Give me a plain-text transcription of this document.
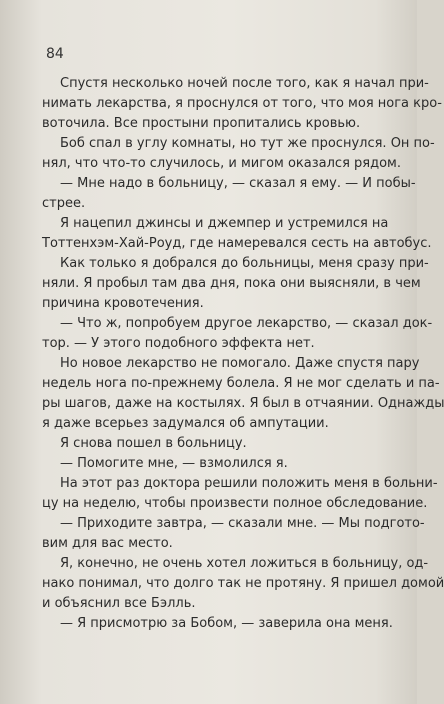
84
Спустя несколько ночей после того, как я начал при-
нимать лекарства, я проснулся от того, что моя нога кро-
воточила. Все простыни пропитались кровью.
Боб спал в углу комнаты, но тут же проснулся. Он по-
нял, что что-то случилось, и мигом оказался рядом.
— Мне надо в больницу, — сказал я ему. — И побы-
стрее.
Я нацепил джинсы и джемпер и устремился на
Тоттенхэм-Хай-Роуд, где намеревался сесть на автобус.
Как только я добрался до больницы, меня сразу при-
няли. Я пробыл там два дня, пока они выясняли, в чем
причина кровотечения.
— Что ж, попробуем другое лекарство, — сказал док-
тор. — У этого подобного эффекта нет.
Но новое лекарство не помогало. Даже спустя пару
недель нога по-прежнему болела. Я не мог сделать и па-
ры шагов, даже на костылях. Я был в отчаянии. Однажды
я даже всерьез задумался об ампутации.
Я снова пошел в больницу.
— Помогите мне, — взмолился я.
На этот раз доктора решили положить меня в больни-
цу на неделю, чтобы произвести полное обследование.
— Приходите завтра, — сказали мне. — Мы подгото-
вим для вас место.
Я, конечно, не очень хотел ложиться в больницу, од-
нако понимал, что долго так не протяну. Я пришел домой
и объяснил все Бэлль.
— Я присмотрю за Бобом, — заверила она меня.
